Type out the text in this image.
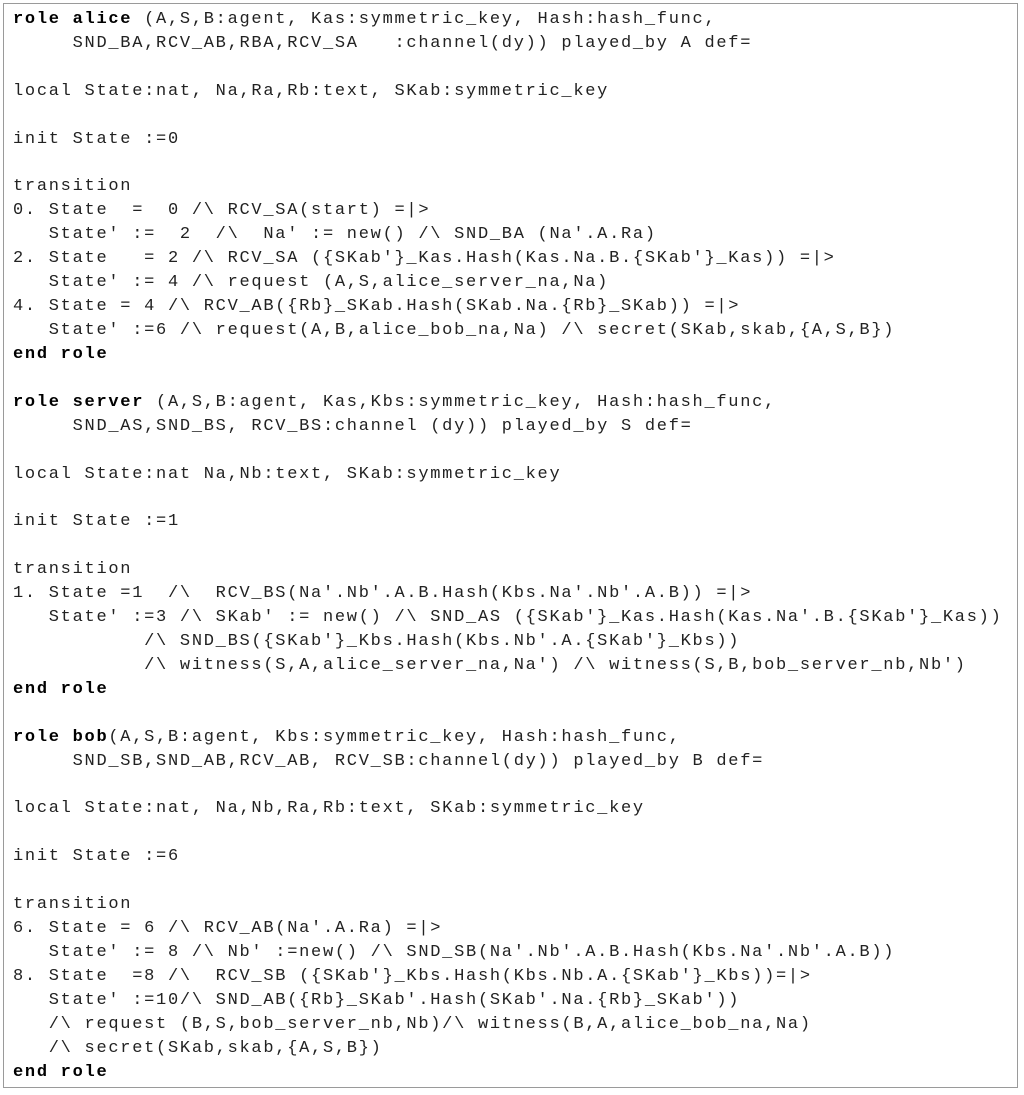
role alice (A,S,B:agent, Kas:symmetric_key, Hash:hash_func,
SND_BA,RCV_AB,RBA,RCV_SA   :channel(dy)) played_by A def=
local State:nat, Na,Ra,Rb:text, SKab:symmetric_key
init State :=0
transition
0. State  =  0 /\ RCV_SA(start) =|>
State' :=  2  /\  Na' := new() /\ SND_BA (Na'.A.Ra)
2. State   = 2 /\ RCV_SA ({SKab'}_Kas.Hash(Kas.Na.B.{SKab'}_Kas)) =|>
State' := 4 /\ request (A,S,alice_server_na,Na)
4. State = 4 /\ RCV_AB({Rb}_SKab.Hash(SKab.Na.{Rb}_SKab)) =|>
State' :=6 /\ request(A,B,alice_bob_na,Na) /\ secret(SKab,skab,{A,S,B})
end role
role server (A,S,B:agent, Kas,Kbs:symmetric_key, Hash:hash_func,
SND_AS,SND_BS, RCV_BS:channel (dy)) played_by S def=
local State:nat Na,Nb:text, SKab:symmetric_key
init State :=1
transition
1. State =1  /\  RCV_BS(Na'.Nb'.A.B.Hash(Kbs.Na'.Nb'.A.B)) =|>
State' :=3 /\ SKab' := new() /\ SND_AS ({SKab'}_Kas.Hash(Kas.Na'.B.{SKab'}_Kas))
/\ SND_BS({SKab'}_Kbs.Hash(Kbs.Nb'.A.{SKab'}_Kbs))
/\ witness(S,A,alice_server_na,Na') /\ witness(S,B,bob_server_nb,Nb')
end role
role bob(A,S,B:agent, Kbs:symmetric_key, Hash:hash_func,
SND_SB,SND_AB,RCV_AB, RCV_SB:channel(dy)) played_by B def=
local State:nat, Na,Nb,Ra,Rb:text, SKab:symmetric_key
init State :=6
transition
6. State = 6 /\ RCV_AB(Na'.A.Ra) =|>
State' := 8 /\ Nb' :=new() /\ SND_SB(Na'.Nb'.A.B.Hash(Kbs.Na'.Nb'.A.B))
8. State  =8 /\  RCV_SB ({SKab'}_Kbs.Hash(Kbs.Nb.A.{SKab'}_Kbs))=|>
State' :=10/\ SND_AB({Rb}_SKab'.Hash(SKab'.Na.{Rb}_SKab'))
/\ request (B,S,bob_server_nb,Nb)/\ witness(B,A,alice_bob_na,Na)
/\ secret(SKab,skab,{A,S,B})
end role
